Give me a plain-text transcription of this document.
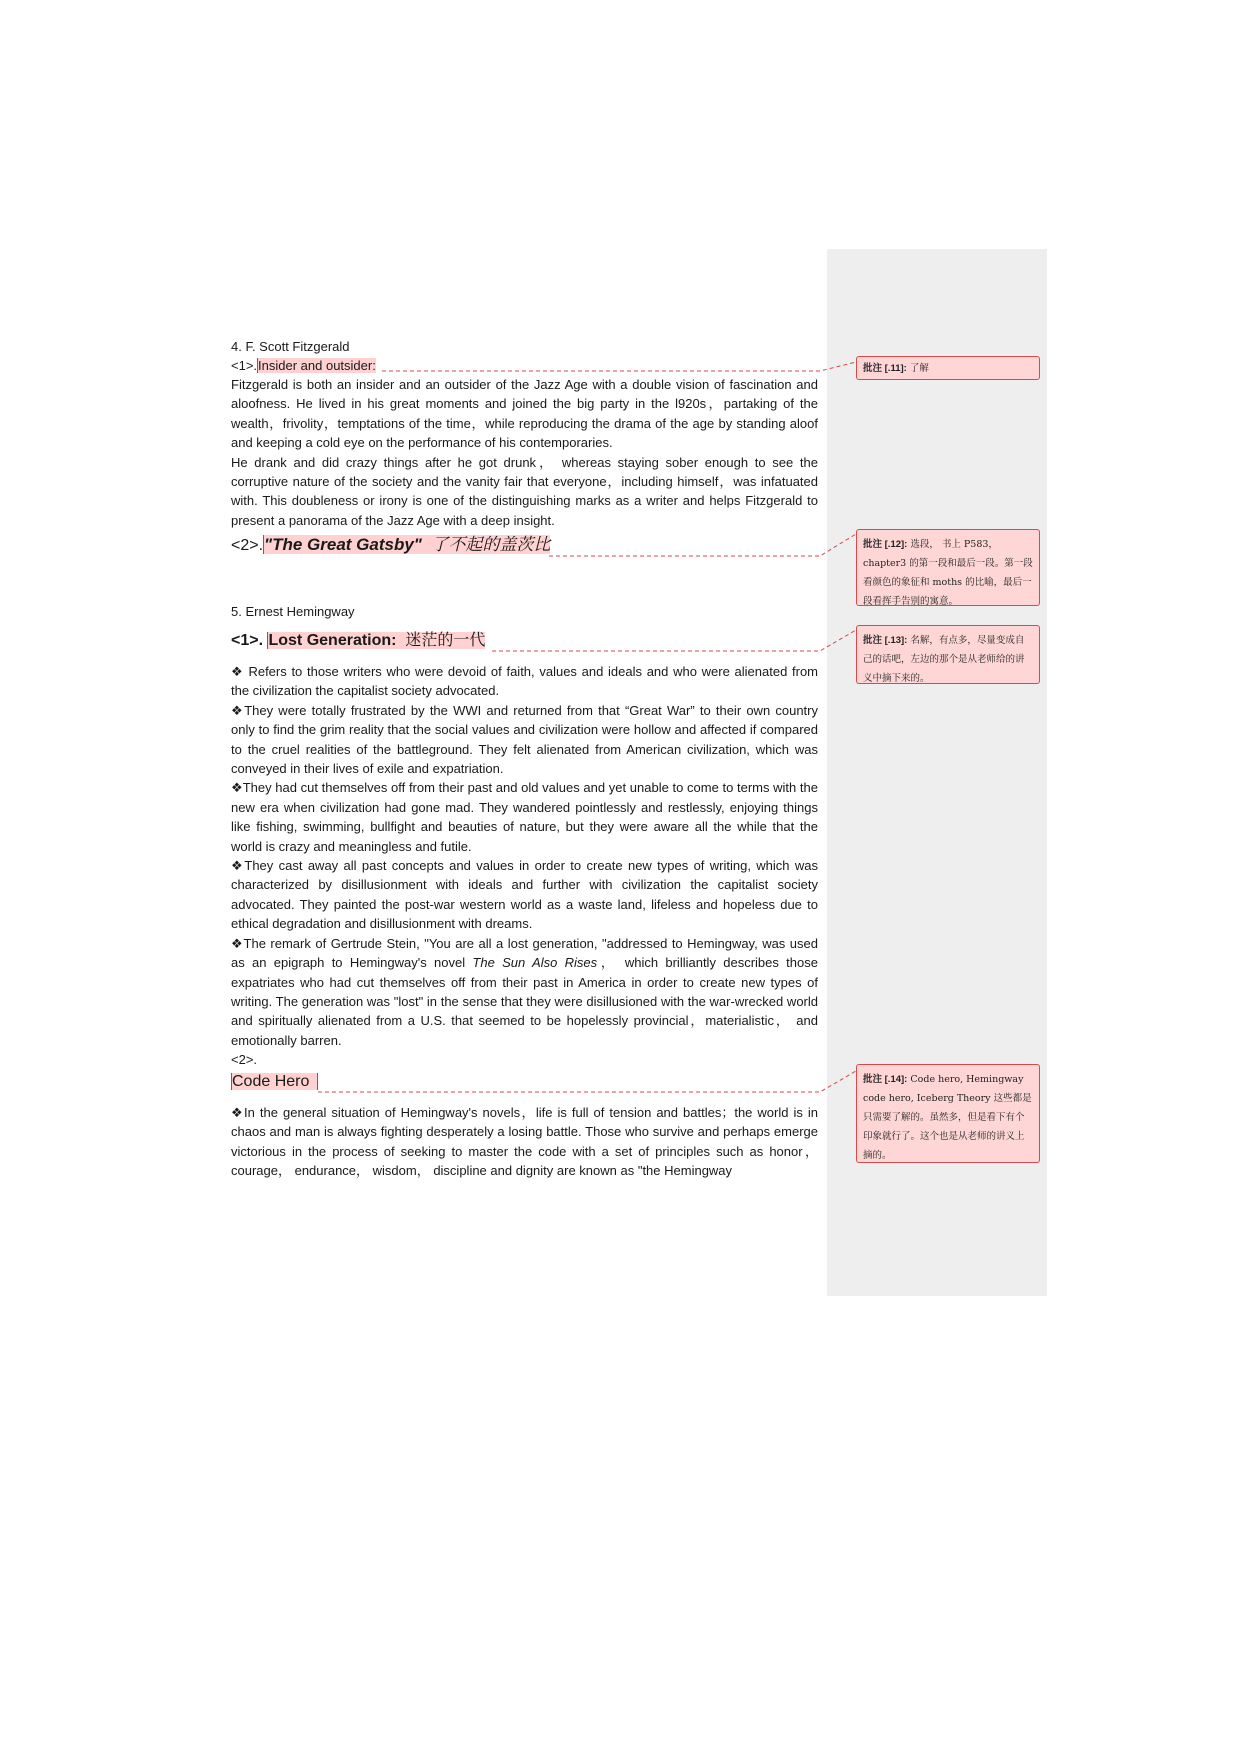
4. F. Scott Fitzgerald
<1>.Insider and outsider:

Fitzgerald is both an insider and an outsider of the Jazz Age with a double vision of fascination and aloofness. He lived in his great moments and joined the big party in the l920s，partaking of the wealth，frivolity，temptations of the time，while reproducing the drama of the age by standing aloof and keeping a cold eye on the performance of his contemporaries.

He drank and did crazy things after he got drunk， whereas staying sober enough to see the corruptive nature of the society and the vanity fair that everyone，including himself，was infatuated with. This doubleness or irony is one of the distinguishing marks as a writer and helps Fitzgerald to present a panorama of the Jazz Age with a deep insight.

<2>."The Great Gatsby" 了不起的盖茨比
5. Ernest Hemingway
<1>. Lost Generation: 迷茫的一代

❖ Refers to those writers who were devoid of faith, values and ideals and who were alienated from the civilization the capitalist society advocated.

❖They were totally frustrated by the WWI and returned from that “Great War” to their own country only to find the grim reality that the social values and civilization were hollow and affected if compared to the cruel realities of the battleground. They felt alienated from American civilization, which was conveyed in their lives of exile and expatriation.

❖They had cut themselves off from their past and old values and yet unable to come to terms with the new era when civilization had gone mad. They wandered pointlessly and restlessly, enjoying things like fishing, swimming, bullfight and beauties of nature, but they were aware all the while that the world is crazy and meaningless and futile.

❖They cast away all past concepts and values in order to create new types of writing, which was characterized by disillusionment with ideals and further with civilization the capitalist society advocated. They painted the post-war western world as a waste land, lifeless and hopeless due to ethical degradation and disillusionment with dreams.

❖The remark of Gertrude Stein, "You are all a lost generation, "addressed to Hemingway, was used as an epigraph to Hemingway's novel The Sun Also Rises， which brilliantly describes those expatriates who had cut themselves off from their past in America in order to create new types of writing. The generation was "lost" in the sense that they were disillusioned with the war-wrecked world and spiritually alienated from a U.S. that seemed to be hopelessly provincial，materialistic， and emotionally barren.

<2>.

Code Hero

❖In the general situation of Hemingway's novels，life is full of tension and battles；the world is in chaos and man is always fighting desperately a losing battle. Those who survive and perhaps emerge victorious in the process of seeking to master the code with a set of principles such as honor， courage， endurance， wisdom， discipline and dignity are known as "the Hemingway

批注 [.11]: 了解
批注 [.12]: 选段， 书上 P583，chapter3 的第一段和最后一段。第一段看颜色的象征和 moths 的比喻，最后一段看挥手告别的寓意。
批注 [.13]: 名解，有点多，尽量变成自己的话吧，左边的那个是从老师给的讲义中摘下来的。
批注 [.14]: Code hero, Hemingway code hero, Iceberg Theory 这些都是只需要了解的。虽然多，但是看下有个印象就行了。这个也是从老师的讲义上摘的。
